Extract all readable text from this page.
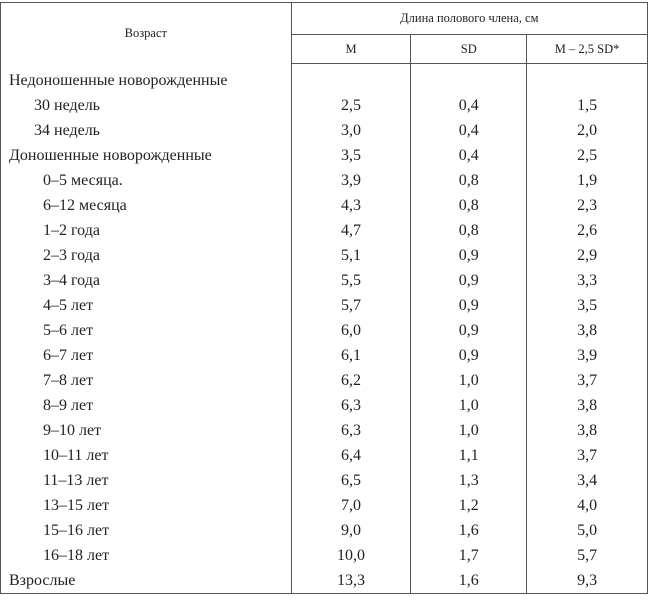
Возраст	Длина полового члена, см		
	M	SD	M – 2,5 SD*
Недоношенные новорожденные			
30 недель	2,5	0,4	1,5
34 недель	3,0	0,4	2,0
Доношенные новорожденные	3,5	0,4	2,5
0–5 месяца.	3,9	0,8	1,9
6–12 месяца	4,3	0,8	2,3
1–2 года	4,7	0,8	2,6
2–3 года	5,1	0,9	2,9
3–4 года	5,5	0,9	3,3
4–5 лет	5,7	0,9	3,5
5–6 лет	6,0	0,9	3,8
6–7 лет	6,1	0,9	3,9
7–8 лет	6,2	1,0	3,7
8–9 лет	6,3	1,0	3,8
9–10 лет	6,3	1,0	3,8
10–11 лет	6,4	1,1	3,7
11–13 лет	6,5	1,3	3,4
13–15 лет	7,0	1,2	4,0
15–16 лет	9,0	1,6	5,0
16–18 лет	10,0	1,7	5,7
Взрослые	13,3	1,6	9,3
